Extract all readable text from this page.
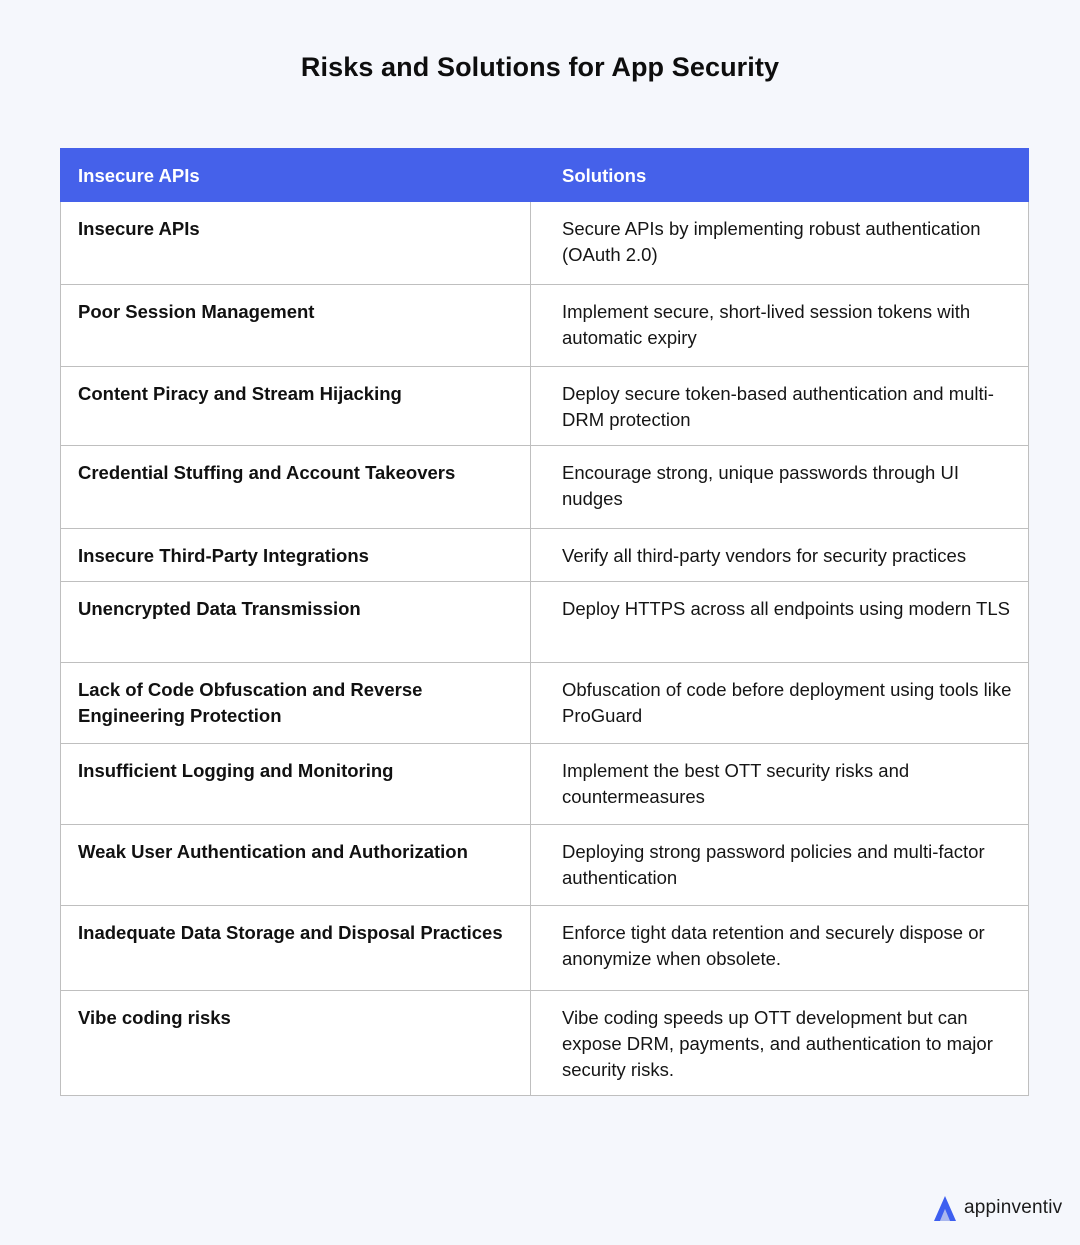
Risks and Solutions for App Security
Insecure APIs	Solutions
Insecure APIs	Secure APIs by implementing robust authentication (OAuth 2.0)
Poor Session Management	Implement secure, short-lived session tokens with automatic expiry
Content Piracy and Stream Hijacking	Deploy secure token-based authentication and multi-DRM protection
Credential Stuffing and Account Takeovers	Encourage strong, unique passwords through UI nudges
Insecure Third-Party Integrations	Verify all third-party vendors for security practices
Unencrypted Data Transmission	Deploy HTTPS across all endpoints using modern TLS
Lack of Code Obfuscation and Reverse Engineering Protection	Obfuscation of code before deployment using tools like ProGuard
Insufficient Logging and Monitoring	Implement the best OTT security risks and countermeasures
Weak User Authentication and Authorization	Deploying strong password policies and multi-factor authentication
Inadequate Data Storage and Disposal Practices	Enforce tight data retention and securely dispose or anonymize when obsolete.
Vibe coding risks	Vibe coding speeds up OTT development but can expose DRM, payments, and authentication to major security risks.
appinventiv
